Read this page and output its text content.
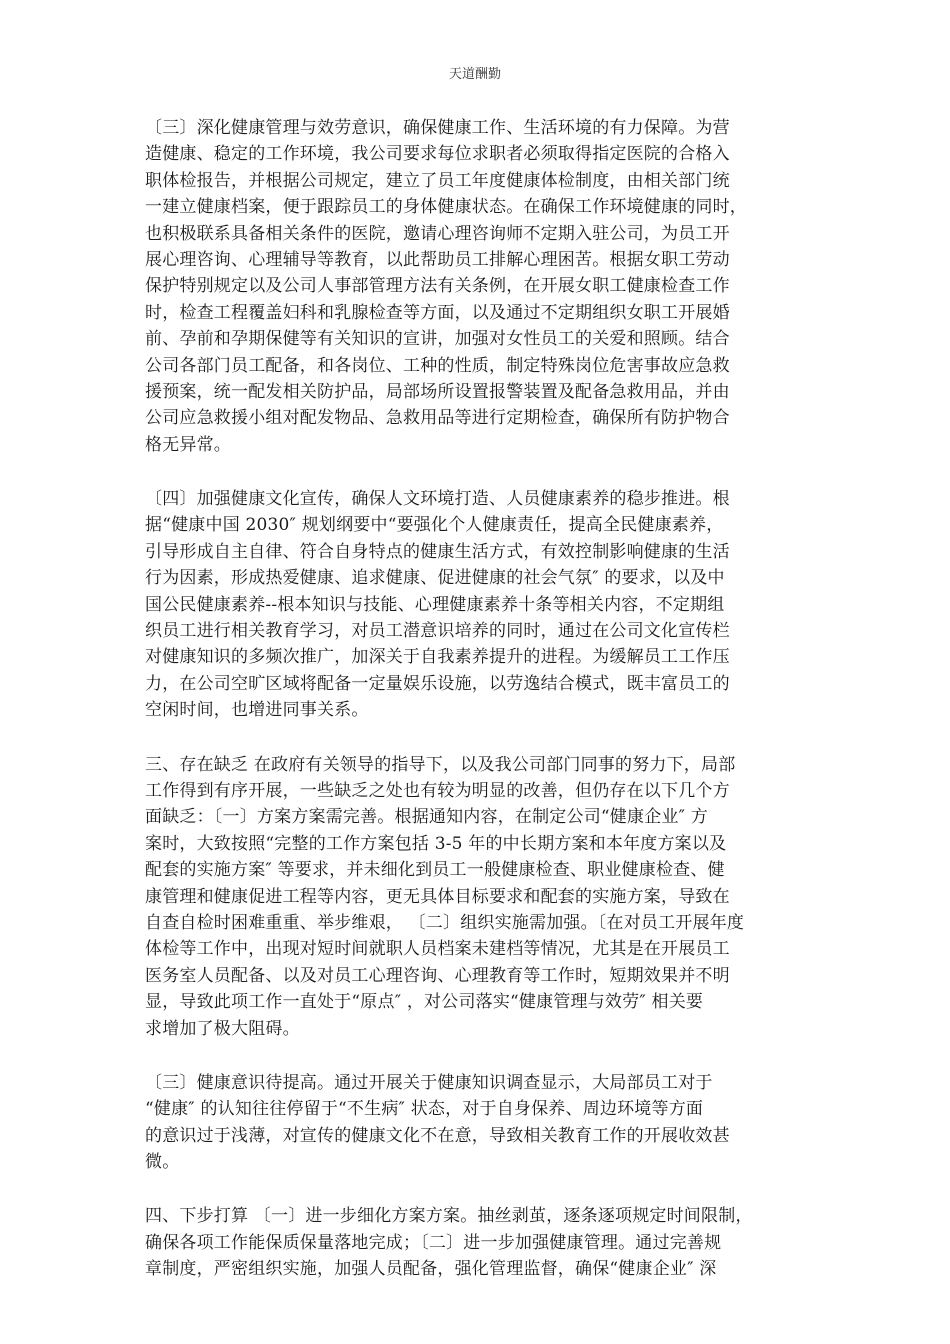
天道酬勤
〔三〕深化健康管理与效劳意识，确保健康工作、生活环境的有力保障。为营
造健康、稳定的工作环境，我公司要求每位求职者必须取得指定医院的合格入
职体检报告，并根据公司规定，建立了员工年度健康体检制度，由相关部门统
一建立健康档案，便于跟踪员工的身体健康状态。在确保工作环境健康的同时，
也积极联系具备相关条件的医院，邀请心理咨询师不定期入驻公司，为员工开
展心理咨询、心理辅导等教育，以此帮助员工排解心理困苦。根据女职工劳动
保护特别规定以及公司人事部管理方法有关条例，在开展女职工健康检查工作
时，检查工程覆盖妇科和乳腺检查等方面，以及通过不定期组织女职工开展婚
前、孕前和孕期保健等有关知识的宣讲，加强对女性员工的关爱和照顾。结合
公司各部门员工配备，和各岗位、工种的性质，制定特殊岗位危害事故应急救
援预案，统一配发相关防护品，局部场所设置报警装置及配备急救用品，并由
公司应急救援小组对配发物品、急救用品等进行定期检查，确保所有防护物合
格无异常。
〔四〕加强健康文化宣传，确保人文环境打造、人员健康素养的稳步推进。根
据“健康中国 2030″ 规划纲要中“要强化个人健康责任，提高全民健康素养，
引导形成自主自律、符合自身特点的健康生活方式，有效控制影响健康的生活
行为因素，形成热爱健康、追求健康、促进健康的社会气氛″ 的要求，以及中
国公民健康素养--根本知识与技能、心理健康素养十条等相关内容，不定期组
织员工进行相关教育学习，对员工潜意识培养的同时，通过在公司文化宣传栏
对健康知识的多频次推广，加深关于自我素养提升的进程。为缓解员工工作压
力，在公司空旷区域将配备一定量娱乐设施，以劳逸结合模式，既丰富员工的
空闲时间，也增进同事关系。
三、存在缺乏 在政府有关领导的指导下，以及我公司部门同事的努力下，局部
工作得到有序开展，一些缺乏之处也有较为明显的改善，但仍存在以下几个方
面缺乏：〔一〕方案方案需完善。根据通知内容，在制定公司“健康企业″ 方
案时，大致按照“完整的工作方案包括 3-5 年的中长期方案和本年度方案以及
配套的实施方案″ 等要求，并未细化到员工一般健康检查、职业健康检查、健
康管理和健康促进工程等内容，更无具体目标要求和配套的实施方案，导致在
自查自检时困难重重、举步维艰， 〔二〕组织实施需加强。〔在对员工开展年度
体检等工作中，出现对短时间就职人员档案未建档等情况，尤其是在开展员工
医务室人员配备、以及对员工心理咨询、心理教育等工作时，短期效果并不明
显，导致此项工作一直处于“原点″ ，对公司落实“健康管理与效劳″ 相关要
求增加了极大阻碍。
〔三〕健康意识待提高。通过开展关于健康知识调查显示，大局部员工对于
“健康″ 的认知往往停留于“不生病″ 状态，对于自身保养、周边环境等方面
的意识过于浅薄，对宣传的健康文化不在意，导致相关教育工作的开展收效甚
微。
四、下步打算 〔一〕进一步细化方案方案。抽丝剥茧，逐条逐项规定时间限制，
确保各项工作能保质保量落地完成；〔二〕进一步加强健康管理。通过完善规
章制度，严密组织实施，加强人员配备，强化管理监督，确保“健康企业″ 深
